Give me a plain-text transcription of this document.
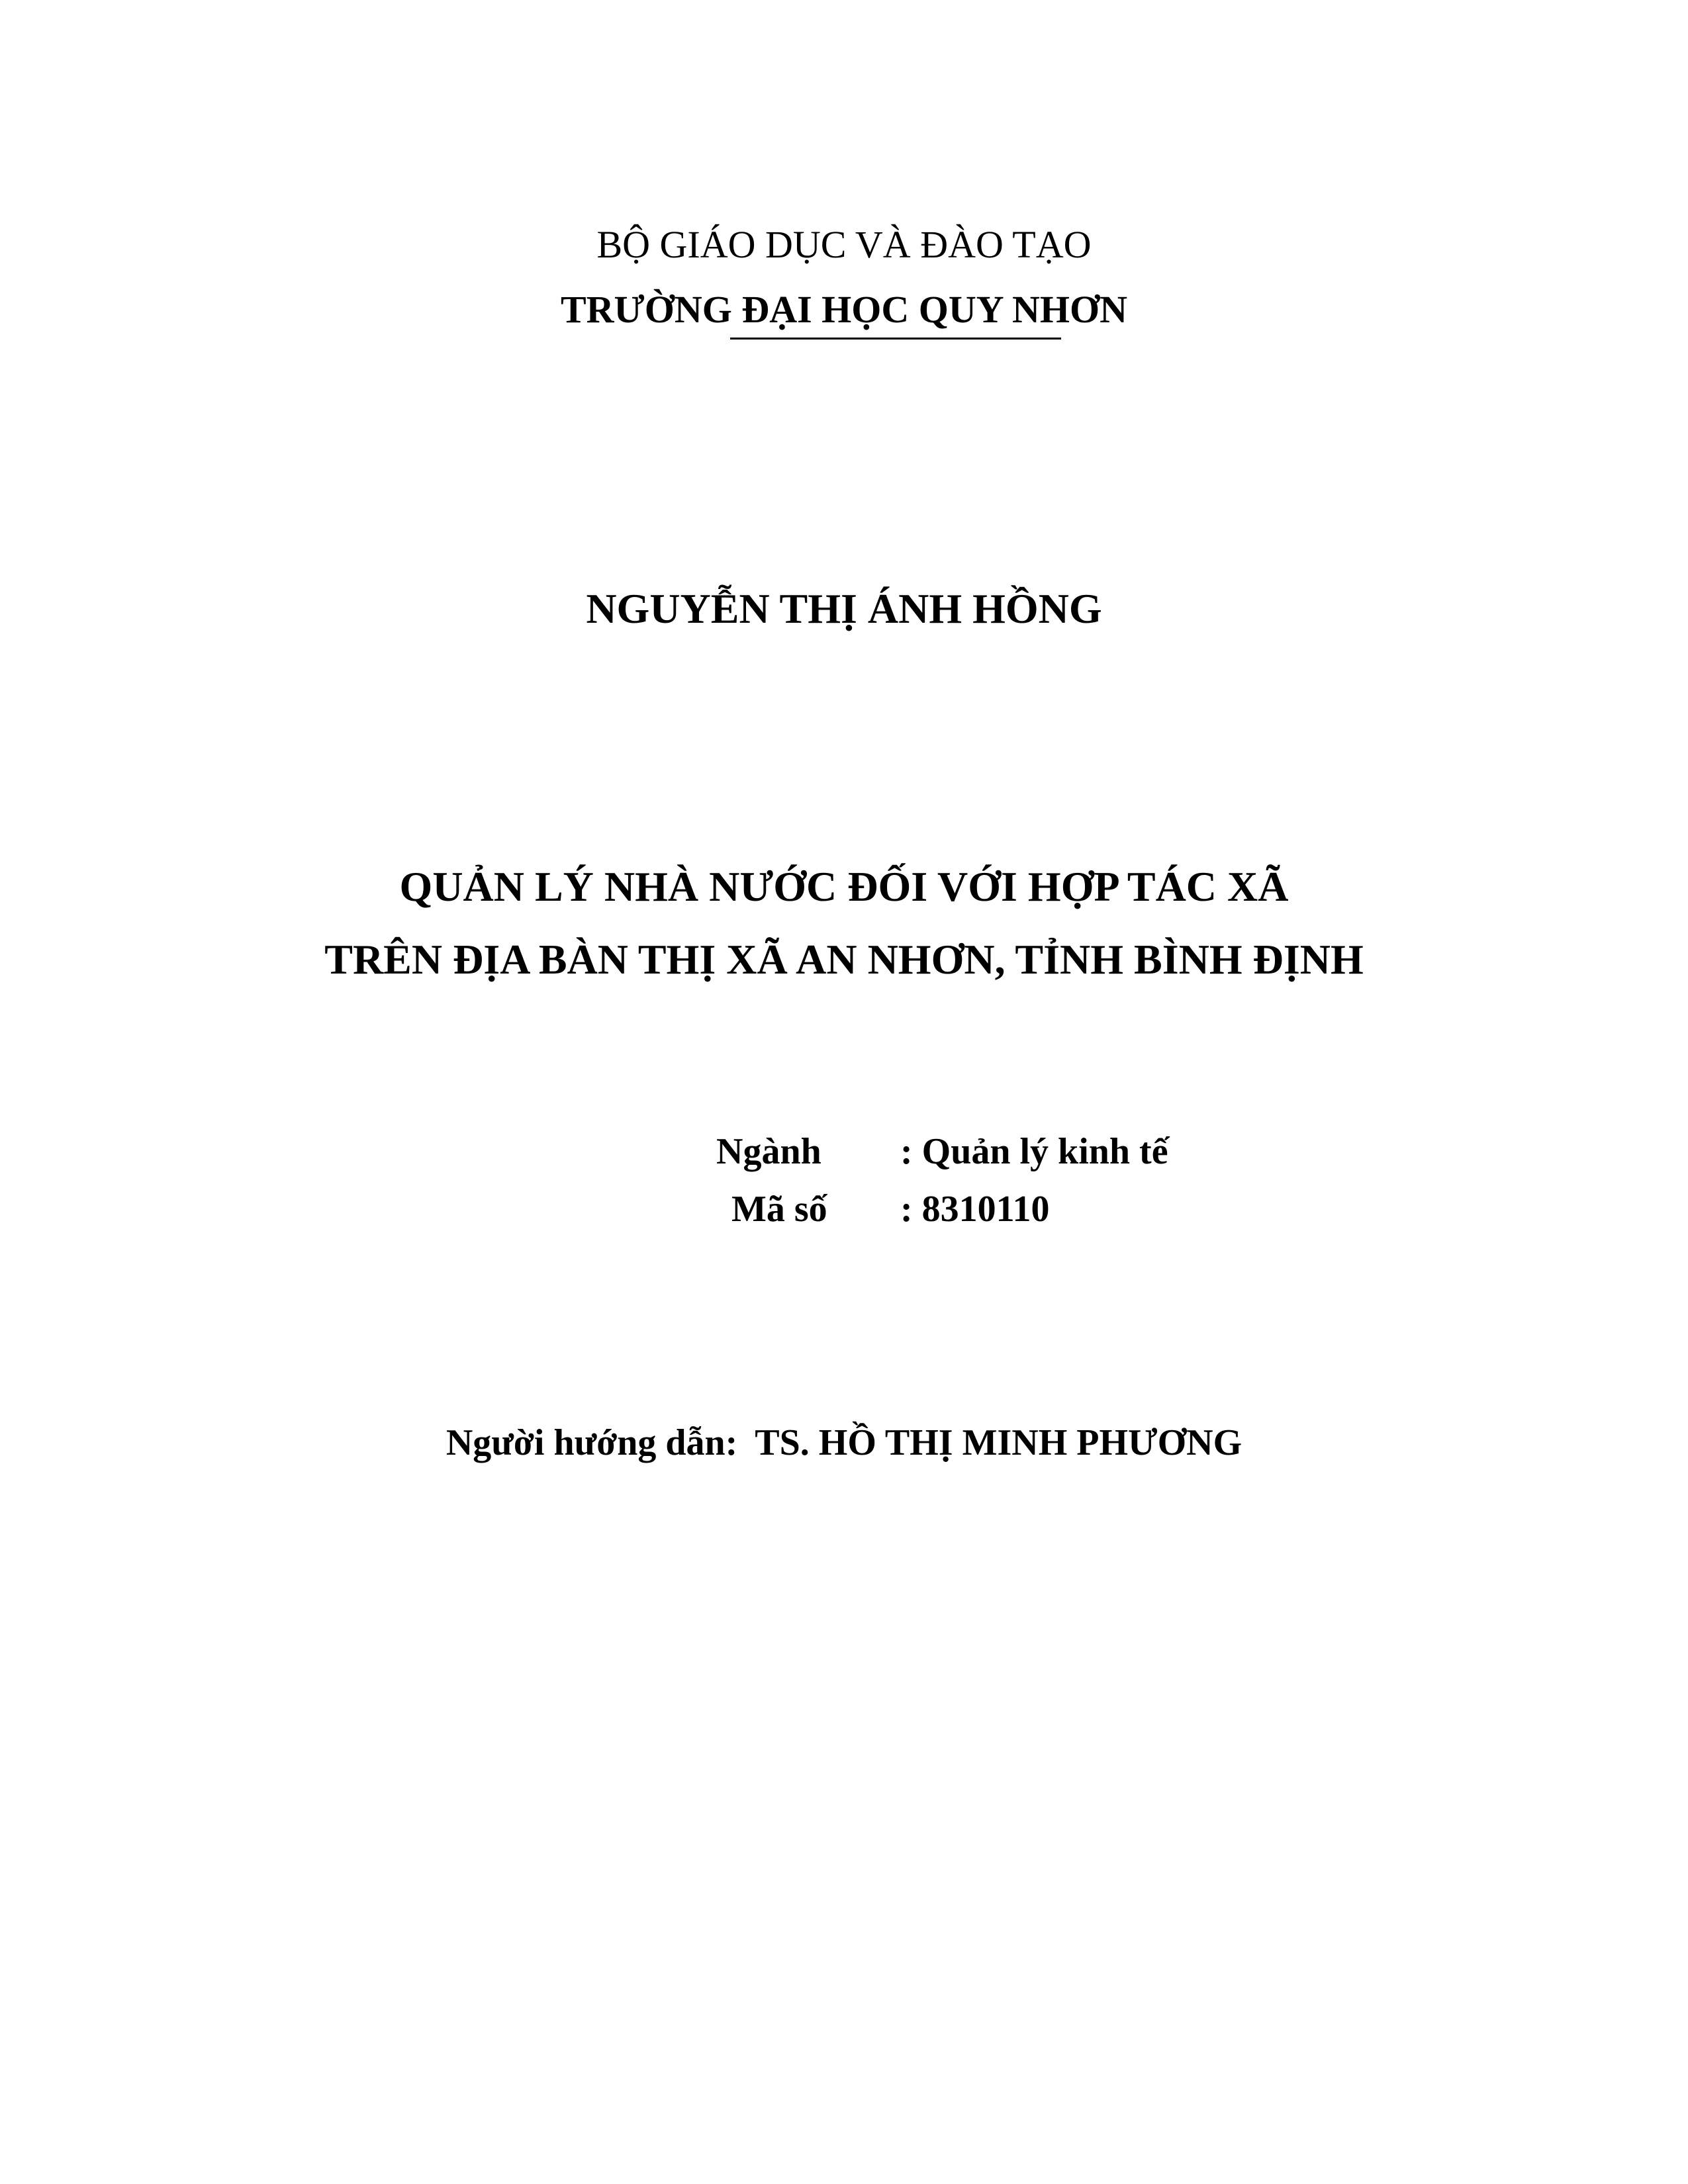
BỘ GIÁO DỤC VÀ ĐÀO TẠO
TRƯỜNG ĐẠI HỌC QUY NHƠN
NGUYỄN THỊ ÁNH HỒNG
QUẢN LÝ NHÀ NƯỚC ĐỐI VỚI HỢP TÁC XÃ
TRÊN ĐỊA BÀN THỊ XÃ AN NHƠN, TỈNH BÌNH ĐỊNH
Ngành : Quản lý kinh tế
Mã số : 8310110
Người hướng dẫn: TS. HỒ THỊ MINH PHƯƠNG
